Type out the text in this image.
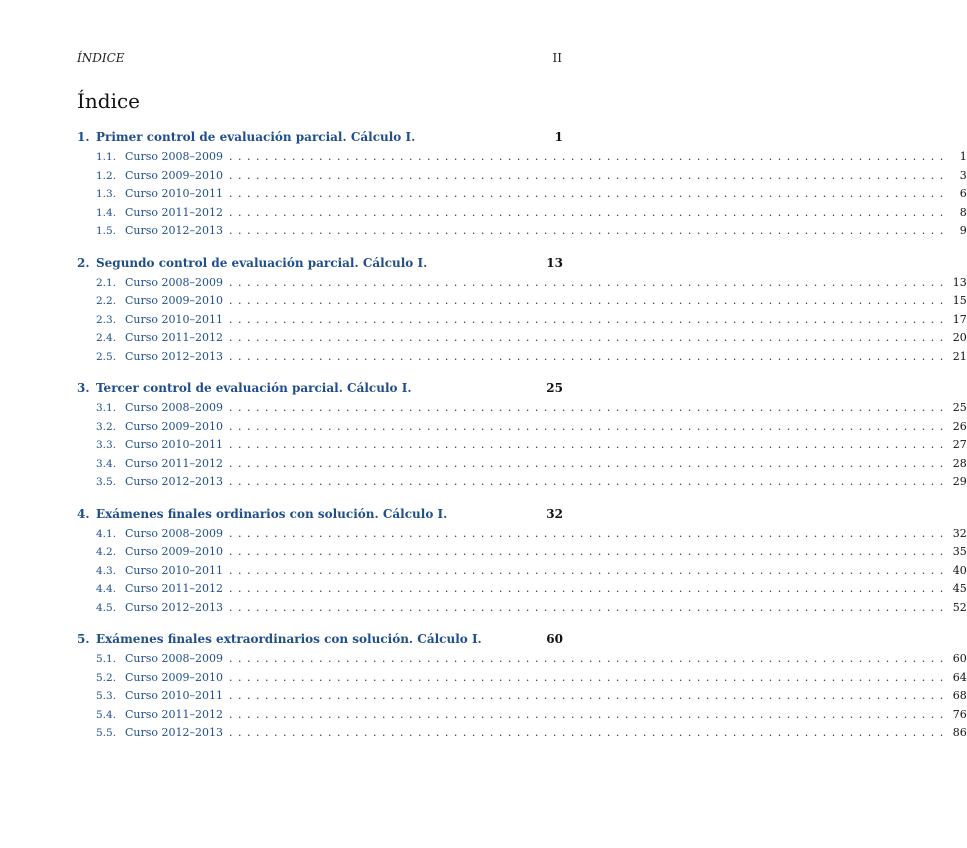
ÍNDICE	II
Índice
1. Primer control de evaluación parcial. Cálculo I.	1
1.1. Curso 2008–2009 ................................................................................	1
1.2. Curso 2009–2010 ................................................................................	3
1.3. Curso 2010–2011 ................................................................................	6
1.4. Curso 2011–2012 ................................................................................	8
1.5. Curso 2012–2013 ................................................................................	9
2. Segundo control de evaluación parcial. Cálculo I.	13
2.1. Curso 2008–2009 ................................................................................ 13
2.2. Curso 2009–2010 ................................................................................ 15
2.3. Curso 2010–2011 ................................................................................ 17
2.4. Curso 2011–2012 ................................................................................ 20
2.5. Curso 2012–2013 ................................................................................ 21
3. Tercer control de evaluación parcial. Cálculo I.	25
3.1. Curso 2008–2009 ................................................................................ 25
3.2. Curso 2009–2010 ................................................................................ 26
3.3. Curso 2010–2011 ................................................................................ 27
3.4. Curso 2011–2012 ................................................................................ 28
3.5. Curso 2012–2013 ................................................................................ 29
4. Exámenes finales ordinarios con solución. Cálculo I.	32
4.1. Curso 2008–2009 ................................................................................ 32
4.2. Curso 2009–2010 ................................................................................ 35
4.3. Curso 2010–2011 ................................................................................ 40
4.4. Curso 2011–2012 ................................................................................ 45
4.5. Curso 2012–2013 ................................................................................ 52
5. Exámenes finales extraordinarios con solución. Cálculo I.	60
5.1. Curso 2008–2009 ................................................................................ 60
5.2. Curso 2009–2010 ................................................................................ 64
5.3. Curso 2010–2011 ................................................................................ 68
5.4. Curso 2011–2012 ................................................................................ 76
5.5. Curso 2012–2013 ................................................................................ 86
